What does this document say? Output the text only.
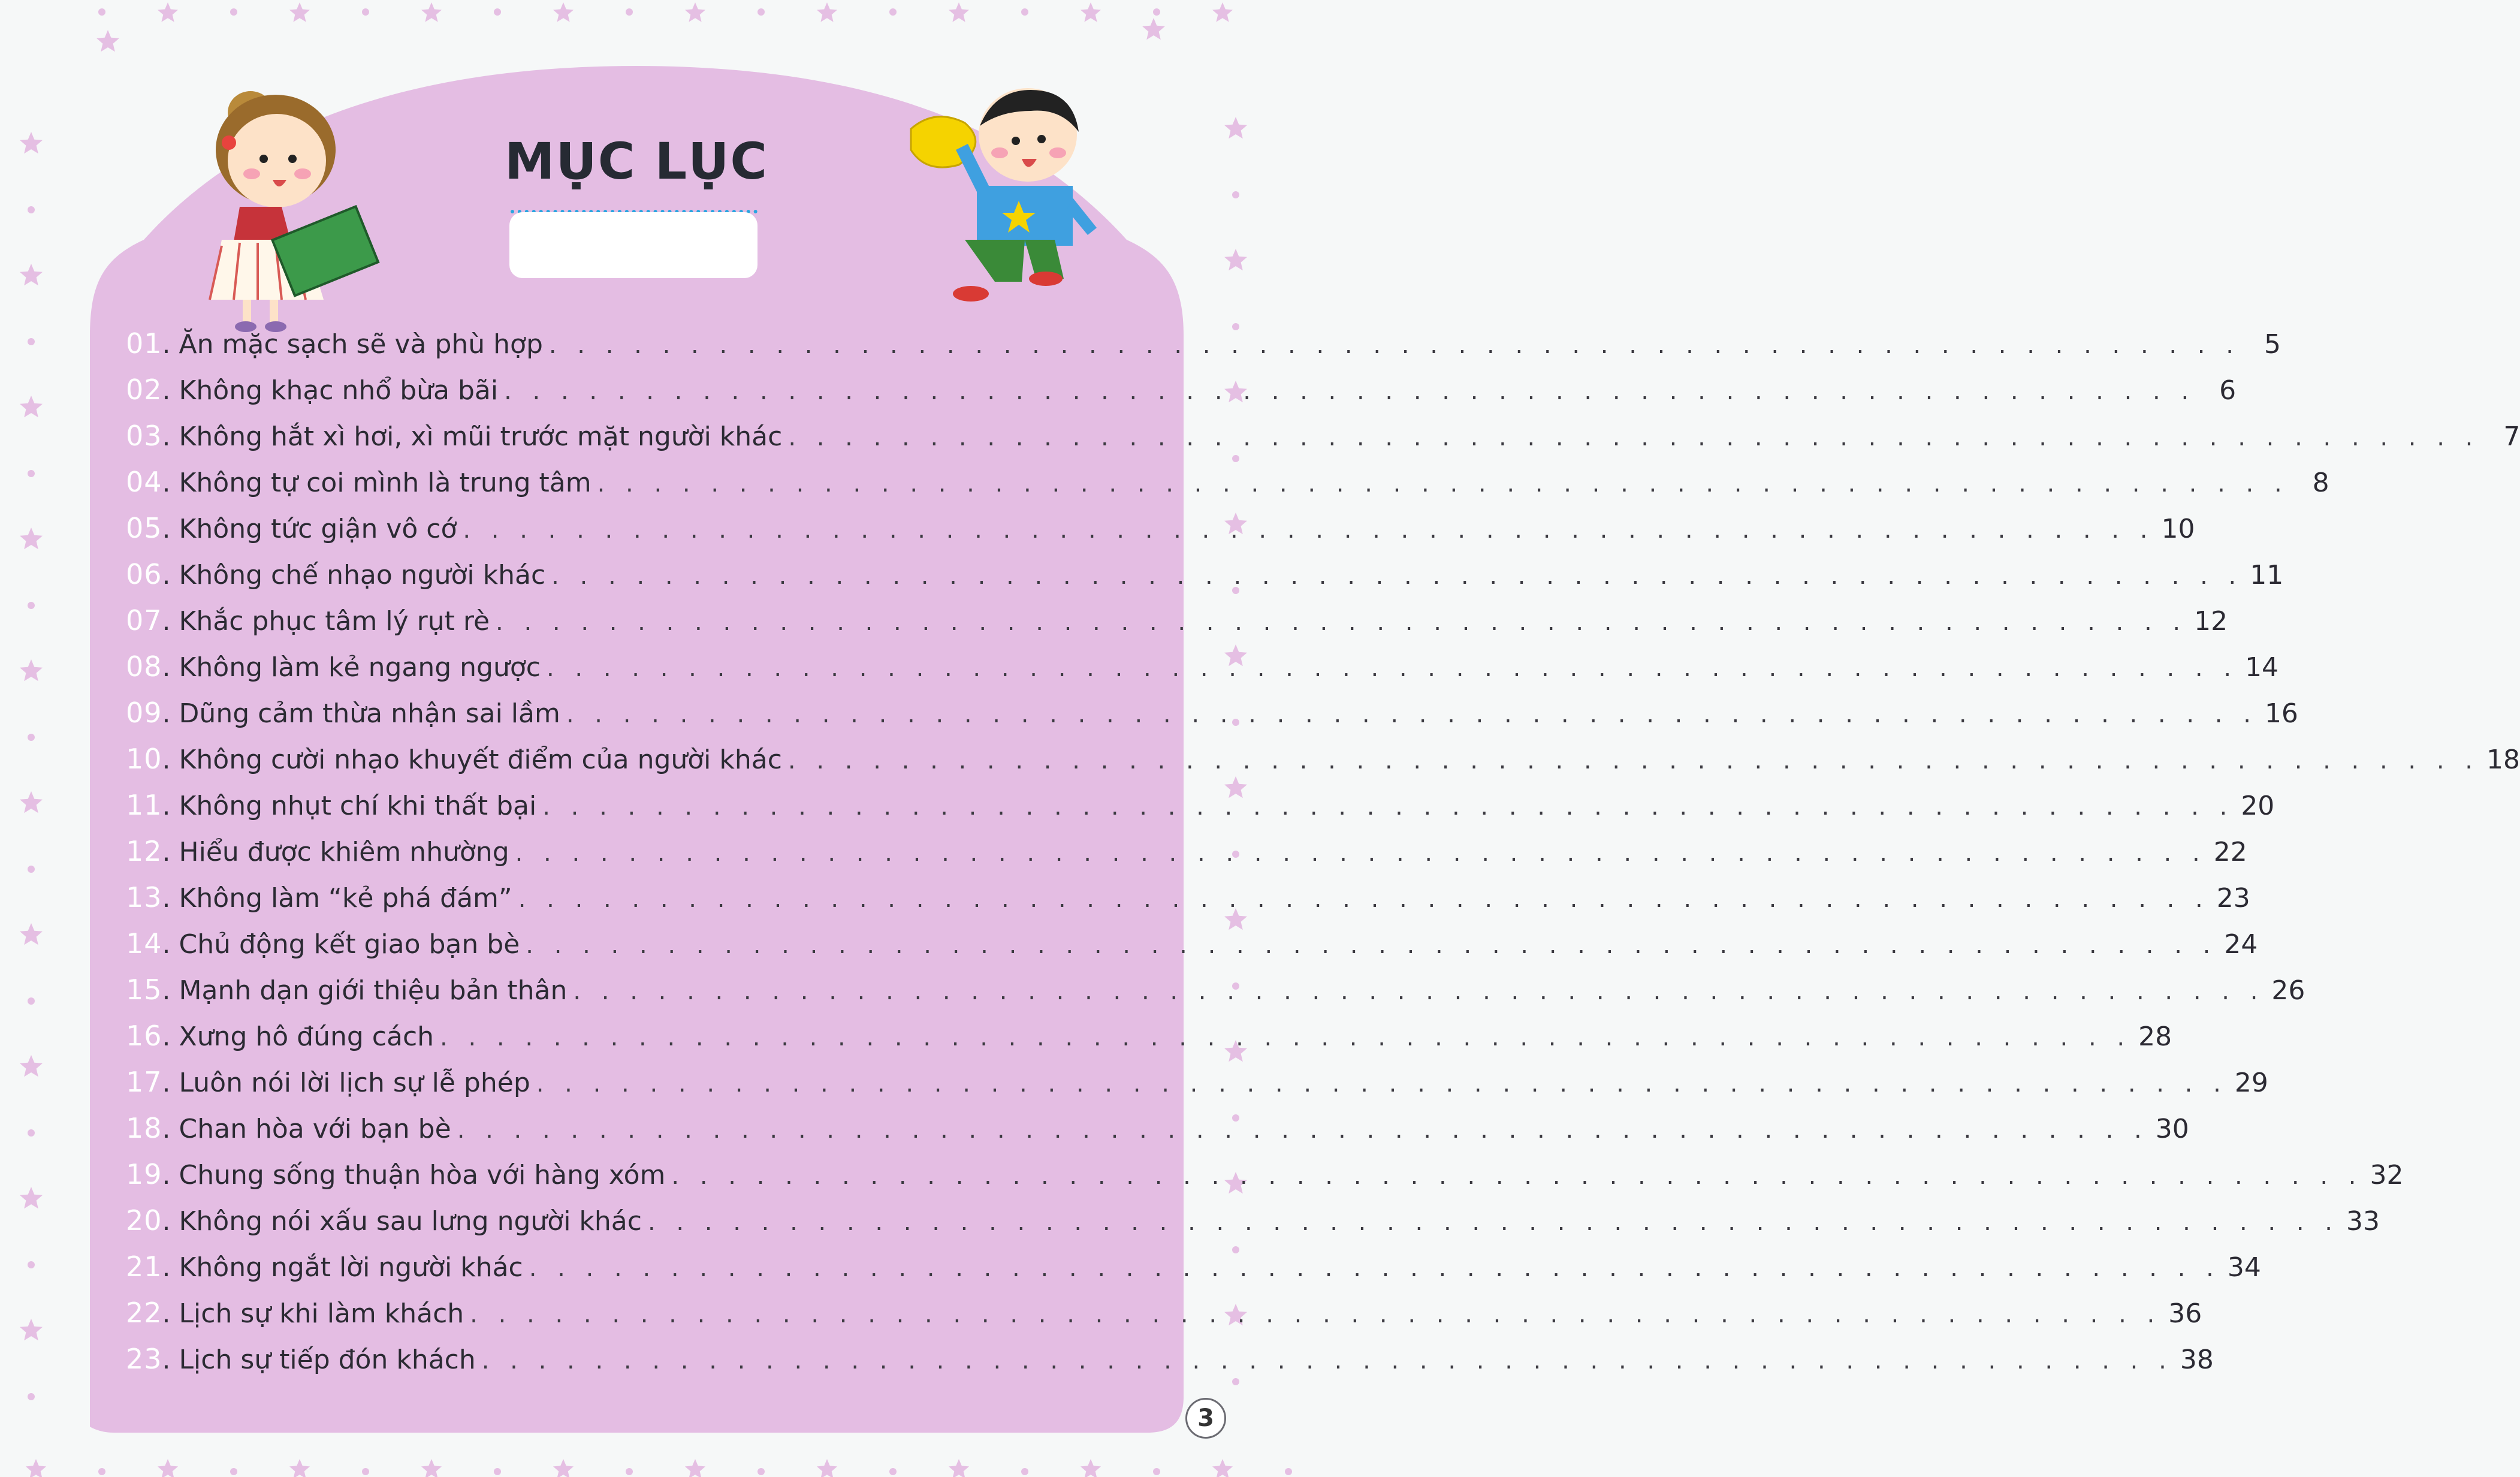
MỤC LỤC
01 . Ăn mặc sạch sẽ và phù hợp . . . . . . . . . . . . . . . . . . . . . . . . . . . . . . . . . . . . . . . . . . . . . . . . . . . . . . . . . . . . 5
02 . Không khạc nhổ bừa bãi . . . . . . . . . . . . . . . . . . . . . . . . . . . . . . . . . . . . . . . . . . . . . . . . . . . . . . . . . . . . 6
03 . Không hắt xì hơi, xì mũi trước mặt người khác . . . . . . . . . . . . . . . . . . . . . . . . . . . . . . . . . . . . . . . . . . . . . . . . . . . . . . . . . . . . 7
04 . Không tự coi mình là trung tâm . . . . . . . . . . . . . . . . . . . . . . . . . . . . . . . . . . . . . . . . . . . . . . . . . . . . . . . . . . . . 8
05 . Không tức giận vô cớ . . . . . . . . . . . . . . . . . . . . . . . . . . . . . . . . . . . . . . . . . . . . . . . . . . . . . . . . . . . . 10
06 . Không chế nhạo người khác . . . . . . . . . . . . . . . . . . . . . . . . . . . . . . . . . . . . . . . . . . . . . . . . . . . . . . . . . . . . 11
07 . Khắc phục tâm lý rụt rè . . . . . . . . . . . . . . . . . . . . . . . . . . . . . . . . . . . . . . . . . . . . . . . . . . . . . . . . . . . . 12
08 . Không làm kẻ ngang ngược . . . . . . . . . . . . . . . . . . . . . . . . . . . . . . . . . . . . . . . . . . . . . . . . . . . . . . . . . . . . 14
09 . Dũng cảm thừa nhận sai lầm . . . . . . . . . . . . . . . . . . . . . . . . . . . . . . . . . . . . . . . . . . . . . . . . . . . . . . . . . . . . 16
10 . Không cười nhạo khuyết điểm của người khác . . . . . . . . . . . . . . . . . . . . . . . . . . . . . . . . . . . . . . . . . . . . . . . . . . . . . . . . . . . . 18
11 . Không nhụt chí khi thất bại . . . . . . . . . . . . . . . . . . . . . . . . . . . . . . . . . . . . . . . . . . . . . . . . . . . . . . . . . . . . 20
12 . Hiểu được khiêm nhường . . . . . . . . . . . . . . . . . . . . . . . . . . . . . . . . . . . . . . . . . . . . . . . . . . . . . . . . . . . . 22
13 . Không làm “kẻ phá đám” . . . . . . . . . . . . . . . . . . . . . . . . . . . . . . . . . . . . . . . . . . . . . . . . . . . . . . . . . . . . 23
14 . Chủ động kết giao bạn bè . . . . . . . . . . . . . . . . . . . . . . . . . . . . . . . . . . . . . . . . . . . . . . . . . . . . . . . . . . . . 24
15 . Mạnh dạn giới thiệu bản thân . . . . . . . . . . . . . . . . . . . . . . . . . . . . . . . . . . . . . . . . . . . . . . . . . . . . . . . . . . . . 26
16 . Xưng hô đúng cách . . . . . . . . . . . . . . . . . . . . . . . . . . . . . . . . . . . . . . . . . . . . . . . . . . . . . . . . . . . . 28
17 . Luôn nói lời lịch sự lễ phép . . . . . . . . . . . . . . . . . . . . . . . . . . . . . . . . . . . . . . . . . . . . . . . . . . . . . . . . . . . . 29
18 . Chan hòa với bạn bè . . . . . . . . . . . . . . . . . . . . . . . . . . . . . . . . . . . . . . . . . . . . . . . . . . . . . . . . . . . . 30
19 . Chung sống thuận hòa với hàng xóm . . . . . . . . . . . . . . . . . . . . . . . . . . . . . . . . . . . . . . . . . . . . . . . . . . . . . . . . . . . . 32
20 . Không nói xấu sau lưng người khác . . . . . . . . . . . . . . . . . . . . . . . . . . . . . . . . . . . . . . . . . . . . . . . . . . . . . . . . . . . . 33
21 . Không ngắt lời người khác . . . . . . . . . . . . . . . . . . . . . . . . . . . . . . . . . . . . . . . . . . . . . . . . . . . . . . . . . . . . 34
22 . Lịch sự khi làm khách . . . . . . . . . . . . . . . . . . . . . . . . . . . . . . . . . . . . . . . . . . . . . . . . . . . . . . . . . . . . 36
23 . Lịch sự tiếp đón khách . . . . . . . . . . . . . . . . . . . . . . . . . . . . . . . . . . . . . . . . . . . . . . . . . . . . . . . . . . . . 38
3
